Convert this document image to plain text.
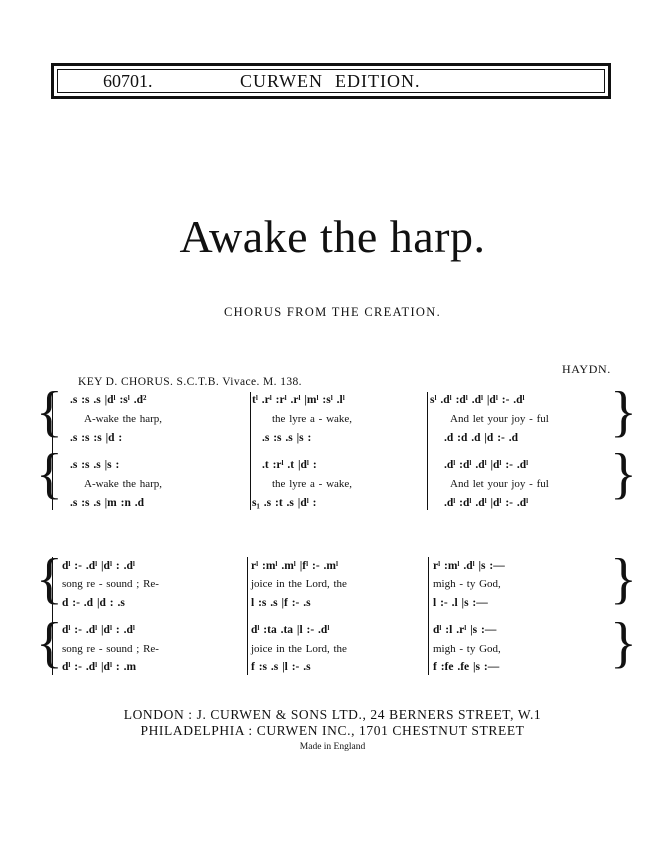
60701.	CURWEN EDITION.
Awake the harp.
CHORUS FROM THE CREATION.
HAYDN.
KEY D. CHORUS. S.C.T.B. Vivace. M. 138.
{
{
{
{
.s :s .s |dˡ :sˡ .d²
A-wake the harp,
.s :s :s |d :
.s :s .s |s :
A-wake the harp,
.s :s .s |m :n .d
tˡ .rˡ :rˡ .rˡ |mˡ :sˡ .lˡ
the lyre a - wake,
.s :s .s |s :
.t :rˡ .t |dˡ :
the lyre a - wake,
s₁ .s :t .s |dˡ :
sˡ .dˡ :dˡ .dˡ |dˡ :- .dˡ
And let your joy - ful
.d :d .d |d :- .d
.dˡ :dˡ .dˡ |dˡ :- .dˡ
And let your joy - ful
.dˡ :dˡ .dˡ |dˡ :- .dˡ
{
{
{
{
dˡ :- .dˡ |dˡ : .dˡ
song re - sound ; Re-
d :- .d |d : .s
dˡ :- .dˡ |dˡ : .dˡ
song re - sound ; Re-
dˡ :- .dˡ |dˡ : .m
rˡ :mˡ .mˡ |fˡ :- .mˡ
joice in the Lord, the
l :s .s |f :- .s
dˡ :ta .ta |l :- .dˡ
joice in the Lord, the
f :s .s |l :- .s
rˡ :mˡ .dˡ |s :—
migh - ty God,
l :- .l |s :—
dˡ :l .rˡ |s :—
migh - ty God,
f :fe .fe |s :—
LONDON : J. CURWEN & SONS LTD., 24 BERNERS STREET, W.1
PHILADELPHIA : CURWEN INC., 1701 CHESTNUT STREET
Made in England
